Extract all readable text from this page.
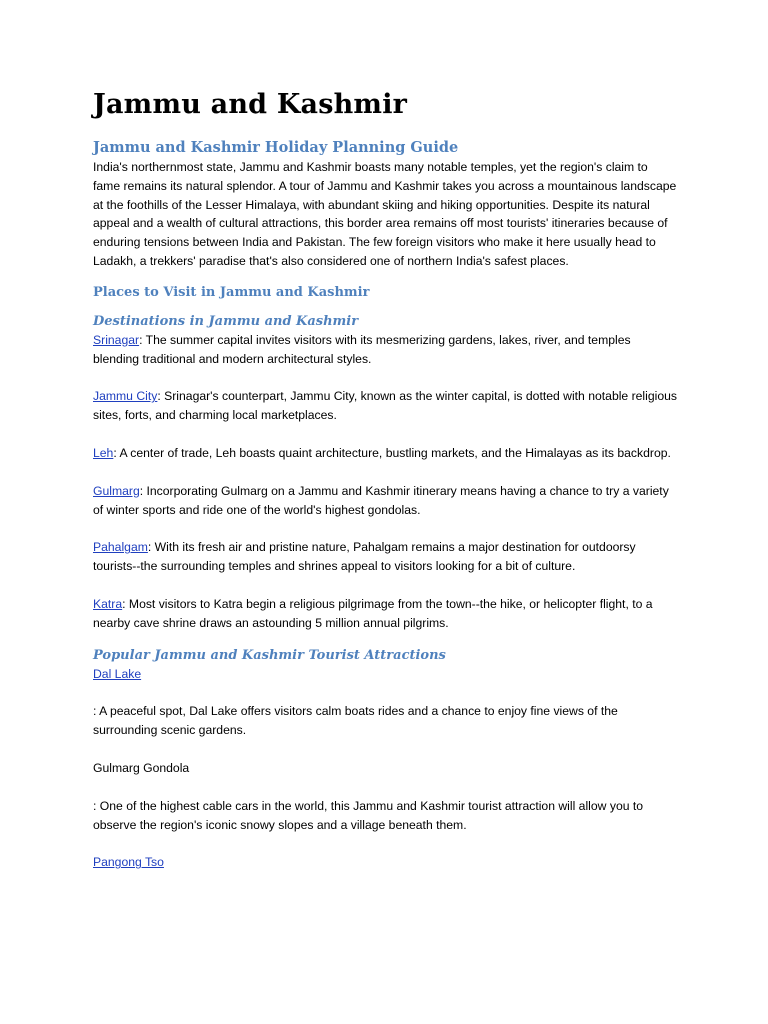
Jammu and Kashmir
Jammu and Kashmir Holiday Planning Guide

India's northernmost state, Jammu and Kashmir boasts many notable temples, yet the region's claim to fame remains its natural splendor. A tour of Jammu and Kashmir takes you across a mountainous landscape at the foothills of the Lesser Himalaya, with abundant skiing and hiking opportunities. Despite its natural appeal and a wealth of cultural attractions, this border area remains off most tourists' itineraries because of enduring tensions between India and Pakistan. The few foreign visitors who make it here usually head to Ladakh, a trekkers' paradise that's also considered one of northern India's safest places.

Places to Visit in Jammu and Kashmir
Destinations in Jammu and Kashmir

Srinagar: The summer capital invites visitors with its mesmerizing gardens, lakes, river, and temples blending traditional and modern architectural styles.

Jammu City: Srinagar's counterpart, Jammu City, known as the winter capital, is dotted with notable religious sites, forts, and charming local marketplaces.

Leh: A center of trade, Leh boasts quaint architecture, bustling markets, and the Himalayas as its backdrop.

Gulmarg: Incorporating Gulmarg on a Jammu and Kashmir itinerary means having a chance to try a variety of winter sports and ride one of the world's highest gondolas.

Pahalgam: With its fresh air and pristine nature, Pahalgam remains a major destination for outdoorsy tourists--the surrounding temples and shrines appeal to visitors looking for a bit of culture.

Katra: Most visitors to Katra begin a religious pilgrimage from the town--the hike, or helicopter flight, to a nearby cave shrine draws an astounding 5 million annual pilgrims.

Popular Jammu and Kashmir Tourist Attractions

Dal Lake

: A peaceful spot, Dal Lake offers visitors calm boats rides and a chance to enjoy fine views of the surrounding scenic gardens.

Gulmarg Gondola

: One of the highest cable cars in the world, this Jammu and Kashmir tourist attraction will allow you to observe the region's iconic snowy slopes and a village beneath them.

Pangong Tso
